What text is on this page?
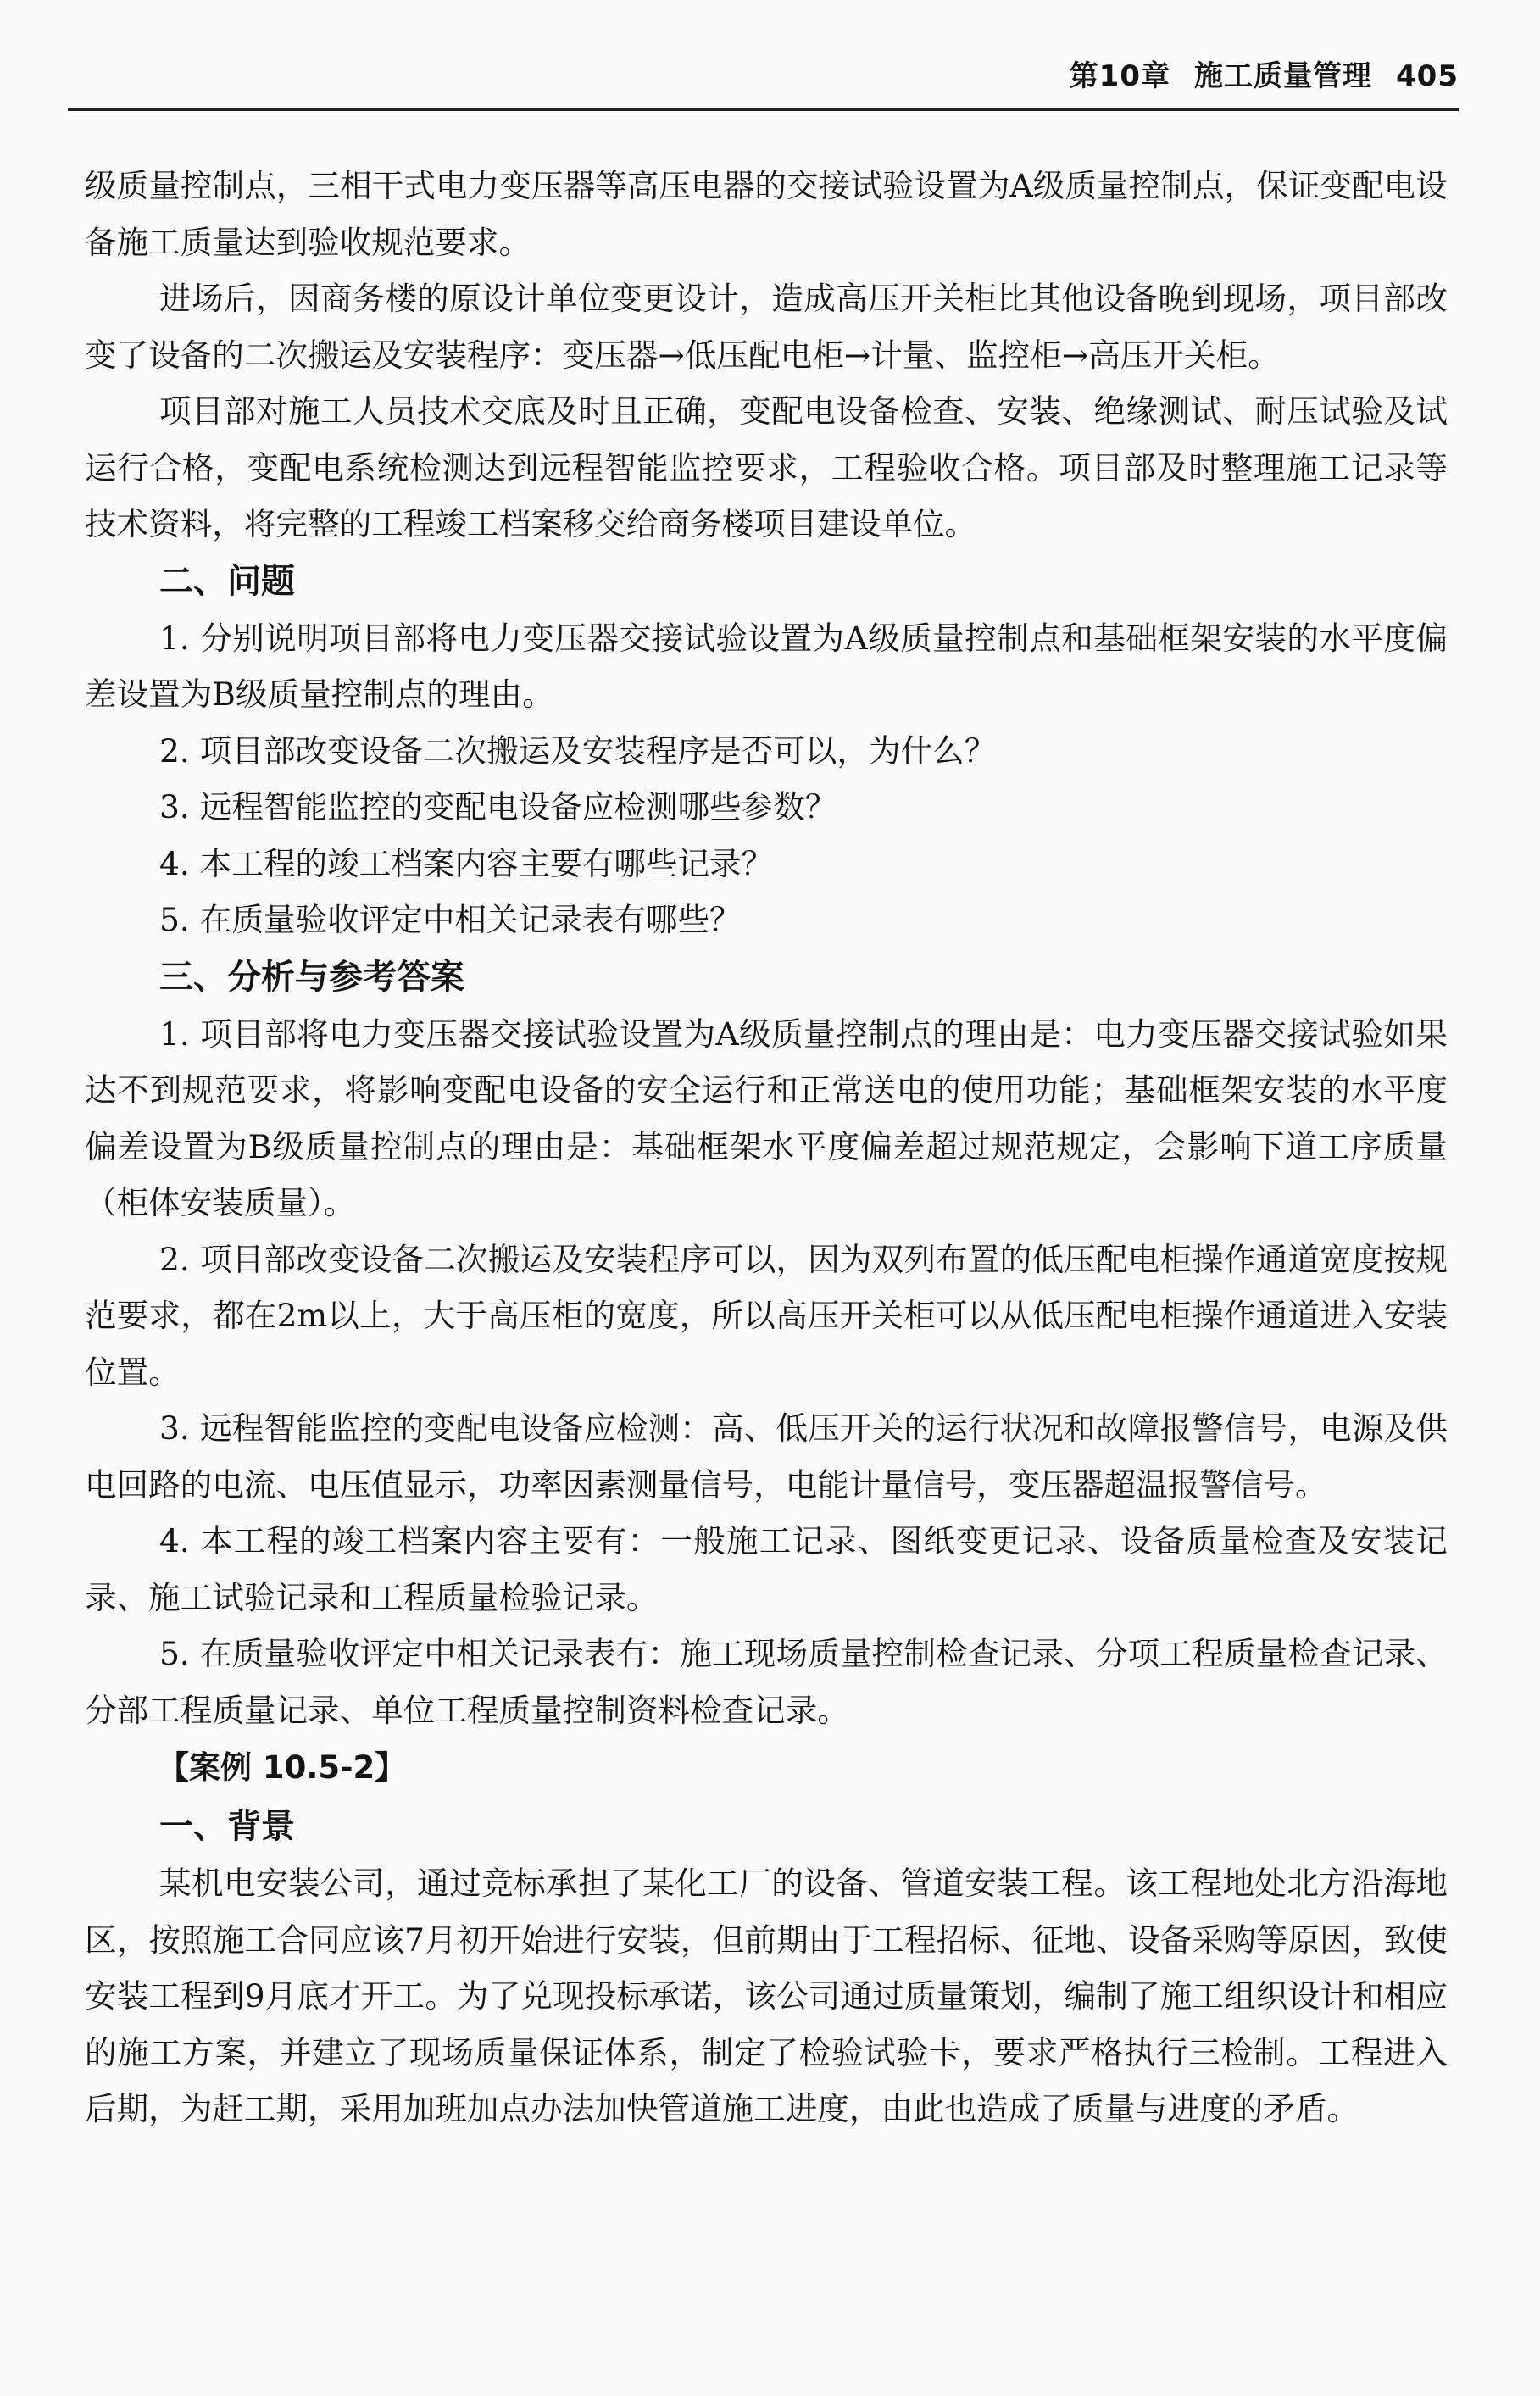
第10章 施工质量管理 405

级质量控制点，三相干式电力变压器等高压电器的交接试验设置为A级质量控制点，保证变配电设备施工质量达到验收规范要求。

进场后，因商务楼的原设计单位变更设计，造成高压开关柜比其他设备晚到现场，项目部改变了设备的二次搬运及安装程序：变压器→低压配电柜→计量、监控柜→高压开关柜。

项目部对施工人员技术交底及时且正确，变配电设备检查、安装、绝缘测试、耐压试验及试运行合格，变配电系统检测达到远程智能监控要求，工程验收合格。项目部及时整理施工记录等技术资料，将完整的工程竣工档案移交给商务楼项目建设单位。

二、问题

1. 分别说明项目部将电力变压器交接试验设置为A级质量控制点和基础框架安装的水平度偏差设置为B级质量控制点的理由。

2. 项目部改变设备二次搬运及安装程序是否可以，为什么？

3. 远程智能监控的变配电设备应检测哪些参数？

4. 本工程的竣工档案内容主要有哪些记录？

5. 在质量验收评定中相关记录表有哪些？

三、分析与参考答案

1. 项目部将电力变压器交接试验设置为A级质量控制点的理由是：电力变压器交接试验如果达不到规范要求，将影响变配电设备的安全运行和正常送电的使用功能；基础框架安装的水平度偏差设置为B级质量控制点的理由是：基础框架水平度偏差超过规范规定，会影响下道工序质量（柜体安装质量）。

2. 项目部改变设备二次搬运及安装程序可以，因为双列布置的低压配电柜操作通道宽度按规范要求，都在2m以上，大于高压柜的宽度，所以高压开关柜可以从低压配电柜操作通道进入安装位置。

3. 远程智能监控的变配电设备应检测：高、低压开关的运行状况和故障报警信号，电源及供电回路的电流、电压值显示，功率因素测量信号，电能计量信号，变压器超温报警信号。

4. 本工程的竣工档案内容主要有：一般施工记录、图纸变更记录、设备质量检查及安装记录、施工试验记录和工程质量检验记录。

5. 在质量验收评定中相关记录表有：施工现场质量控制检查记录、分项工程质量检查记录、分部工程质量记录、单位工程质量控制资料检查记录。

【案例 10.5-2】
一、背景

某机电安装公司，通过竞标承担了某化工厂的设备、管道安装工程。该工程地处北方沿海地区，按照施工合同应该7月初开始进行安装，但前期由于工程招标、征地、设备采购等原因，致使安装工程到9月底才开工。为了兑现投标承诺，该公司通过质量策划，编制了施工组织设计和相应的施工方案，并建立了现场质量保证体系，制定了检验试验卡，要求严格执行三检制。工程进入后期，为赶工期，采用加班加点办法加快管道施工进度，由此也造成了质量与进度的矛盾。
